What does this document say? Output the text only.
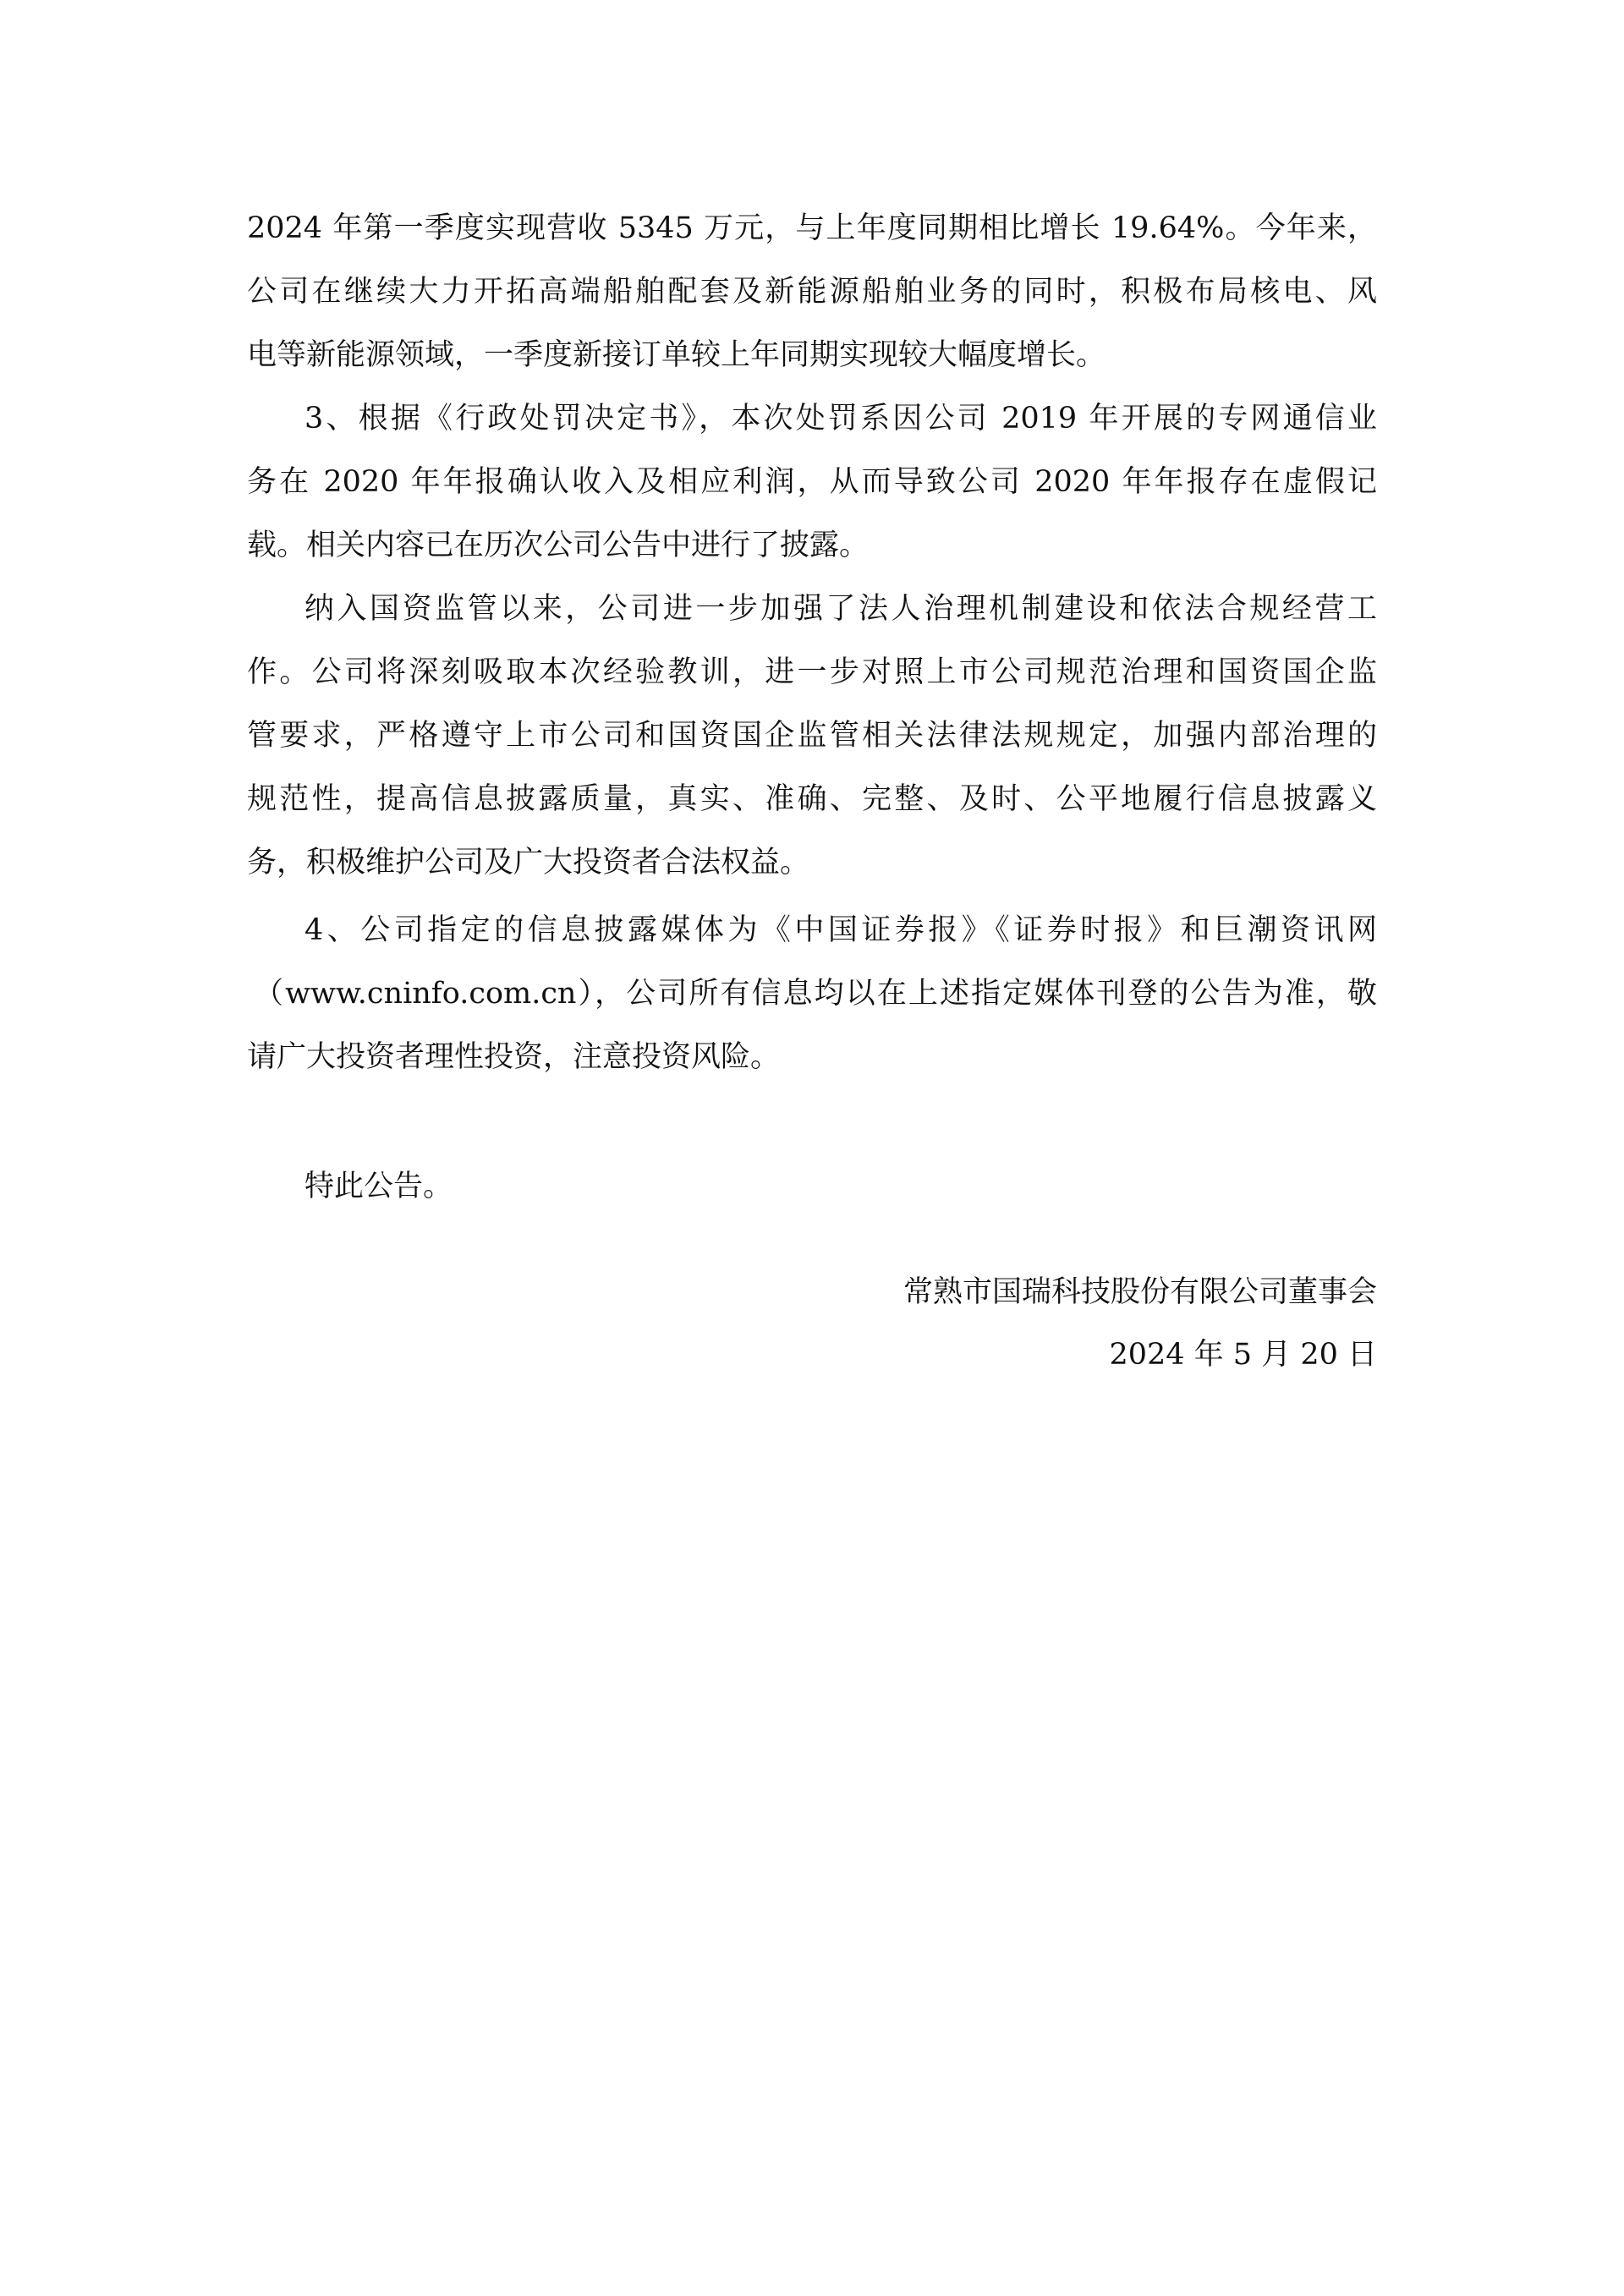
2024 年第一季度实现营收 5345 万元，与上年度同期相比增长 19.64%。今年来，
公司在继续大力开拓高端船舶配套及新能源船舶业务的同时，积极布局核电、风
电等新能源领域，一季度新接订单较上年同期实现较大幅度增长。
3、根据《行政处罚决定书》，本次处罚系因公司 2019 年开展的专网通信业
务在 2020 年年报确认收入及相应利润，从而导致公司 2020 年年报存在虚假记
载。相关内容已在历次公司公告中进行了披露。
纳入国资监管以来，公司进一步加强了法人治理机制建设和依法合规经营工
作。公司将深刻吸取本次经验教训，进一步对照上市公司规范治理和国资国企监
管要求，严格遵守上市公司和国资国企监管相关法律法规规定，加强内部治理的
规范性，提高信息披露质量，真实、准确、完整、及时、公平地履行信息披露义
务，积极维护公司及广大投资者合法权益。
4、公司指定的信息披露媒体为《中国证券报》《证券时报》和巨潮资讯网
（www.cninfo.com.cn），公司所有信息均以在上述指定媒体刊登的公告为准，敬
请广大投资者理性投资，注意投资风险。
特此公告。
常熟市国瑞科技股份有限公司董事会
2024 年 5 月 20 日
